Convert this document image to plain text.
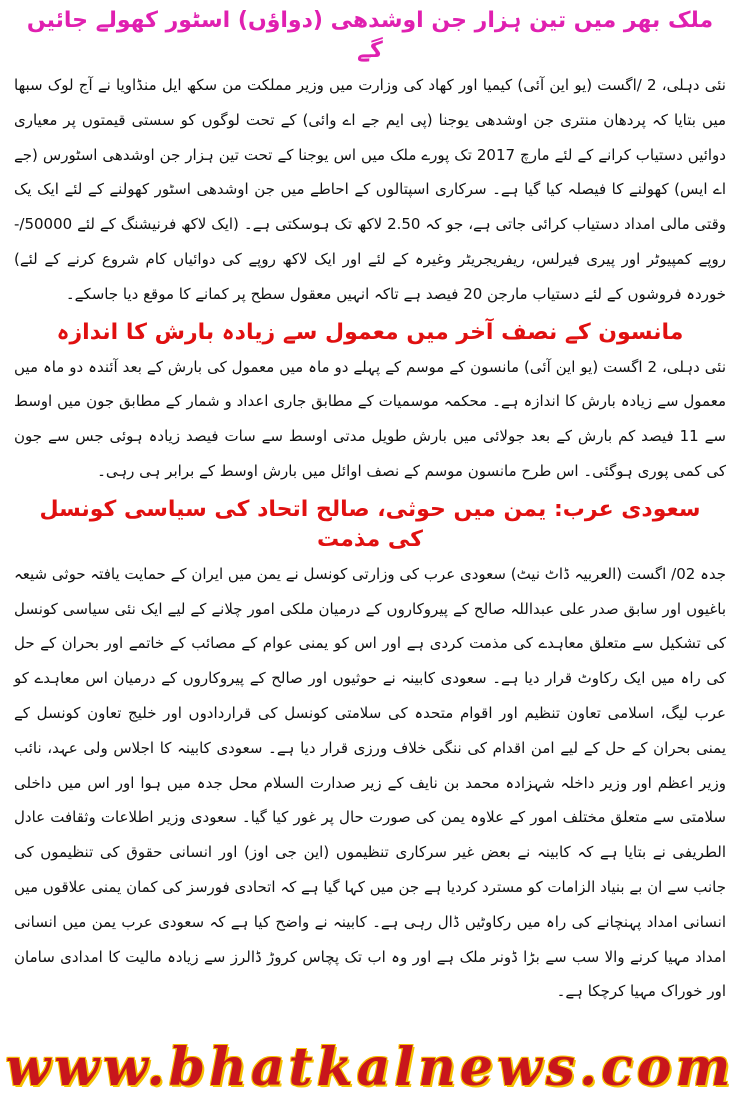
ملک بھر میں تین ہزار جن اوشدھی (دواؤں) اسٹور کھولے جائیں گے

نئی دہلی، 2 /اگست (یو این آئی) کیمیا اور کھاد کی وزارت میں وزیر مملکت من سکھ ایل منڈاویا نے آج لوک سبھا میں بتایا کہ پردھان منتری جن اوشدھی یوجنا (پی ایم جے اے وائی) کے تحت لوگوں کو سستی قیمتوں پر معیاری دوائیں دستیاب کرانے کے لئے مارچ 2017 تک پورے ملک میں اس یوجنا کے تحت تین ہزار جن اوشدھی اسٹورس (جے اے ایس) کھولنے کا فیصلہ کیا گیا ہے۔ سرکاری اسپتالوں کے احاطے میں جن اوشدھی اسٹور کھولنے کے لئے ایک یک وقتی مالی امداد دستیاب کرائی جاتی ہے، جو کہ 2.50 لاکھ تک ہوسکتی ہے۔ (ایک لاکھ فرنیشنگ کے لئے 50000/- روپے کمپیوٹر اور پیری فیرلس، ریفریجریٹر وغیرہ کے لئے اور ایک لاکھ روپے کی دوائیاں کام شروع کرنے کے لئے) خوردہ فروشوں کے لئے دستیاب مارجن 20 فیصد ہے تاکہ انہیں معقول سطح پر کمانے کا موقع دیا جاسکے۔

مانسون کے نصف آخر میں معمول سے زیادہ بارش کا اندازہ

نئی دہلی، 2 اگست (یو این آئی) مانسون کے موسم کے پہلے دو ماہ میں معمول کی بارش کے بعد آئندہ دو ماہ میں معمول سے زیادہ بارش کا اندازہ ہے۔ محکمہ موسمیات کے مطابق جاری اعداد و شمار کے مطابق جون میں اوسط سے 11 فیصد کم بارش کے بعد جولائی میں بارش طویل مدتی اوسط سے سات فیصد زیادہ ہوئی جس سے جون کی کمی پوری ہوگئی۔ اس طرح مانسون موسم کے نصف اوائل میں بارش اوسط کے برابر ہی رہی۔

سعودی عرب: یمن میں حوثی، صالح اتحاد کی سیاسی کونسل کی مذمت

جدہ 02/ اگست (العربیہ ڈاٹ نیٹ) سعودی عرب کی وزارتی کونسل نے یمن میں ایران کے حمایت یافتہ حوثی شیعہ باغیوں اور سابق صدر علی عبداللہ صالح کے پیروکاروں کے درمیان ملکی امور چلانے کے لیے ایک نئی سیاسی کونسل کی تشکیل سے متعلق معاہدے کی مذمت کردی ہے اور اس کو یمنی عوام کے مصائب کے خاتمے اور بحران کے حل کی راہ میں ایک رکاوٹ قرار دیا ہے۔ سعودی کابینہ نے حوثیوں اور صالح کے پیروکاروں کے درمیان اس معاہدے کو عرب لیگ، اسلامی تعاون تنظیم اور اقوام متحدہ کی سلامتی کونسل کی قراردادوں اور خلیج تعاون کونسل کے یمنی بحران کے حل کے لیے امن اقدام کی ننگی خلاف ورزی قرار دیا ہے۔ سعودی کابینہ کا اجلاس ولی عہد، نائب وزیر اعظم اور وزیر داخلہ شہزادہ محمد بن نایف کے زیر صدارت السلام محل جدہ میں ہوا اور اس میں داخلی سلامتی سے متعلق مختلف امور کے علاوہ یمن کی صورت حال پر غور کیا گیا۔ سعودی وزیر اطلاعات وثقافت عادل الطریفی نے بتایا ہے کہ کابینہ نے بعض غیر سرکاری تنظیموں (این جی اوز) اور انسانی حقوق کی تنظیموں کی جانب سے ان بے بنیاد الزامات کو مسترد کردیا ہے جن میں کہا گیا ہے کہ اتحادی فورسز کی کمان یمنی علاقوں میں انسانی امداد پہنچانے کی راہ میں رکاوٹیں ڈال رہی ہے۔ کابینہ نے واضح کیا ہے کہ سعودی عرب یمن میں انسانی امداد مہیا کرنے والا سب سے بڑا ڈونر ملک ہے اور وہ اب تک پچاس کروڑ ڈالرز سے زیادہ مالیت کا امدادی سامان اور خوراک مہیا کرچکا ہے۔

www.bhatkalnews.com
